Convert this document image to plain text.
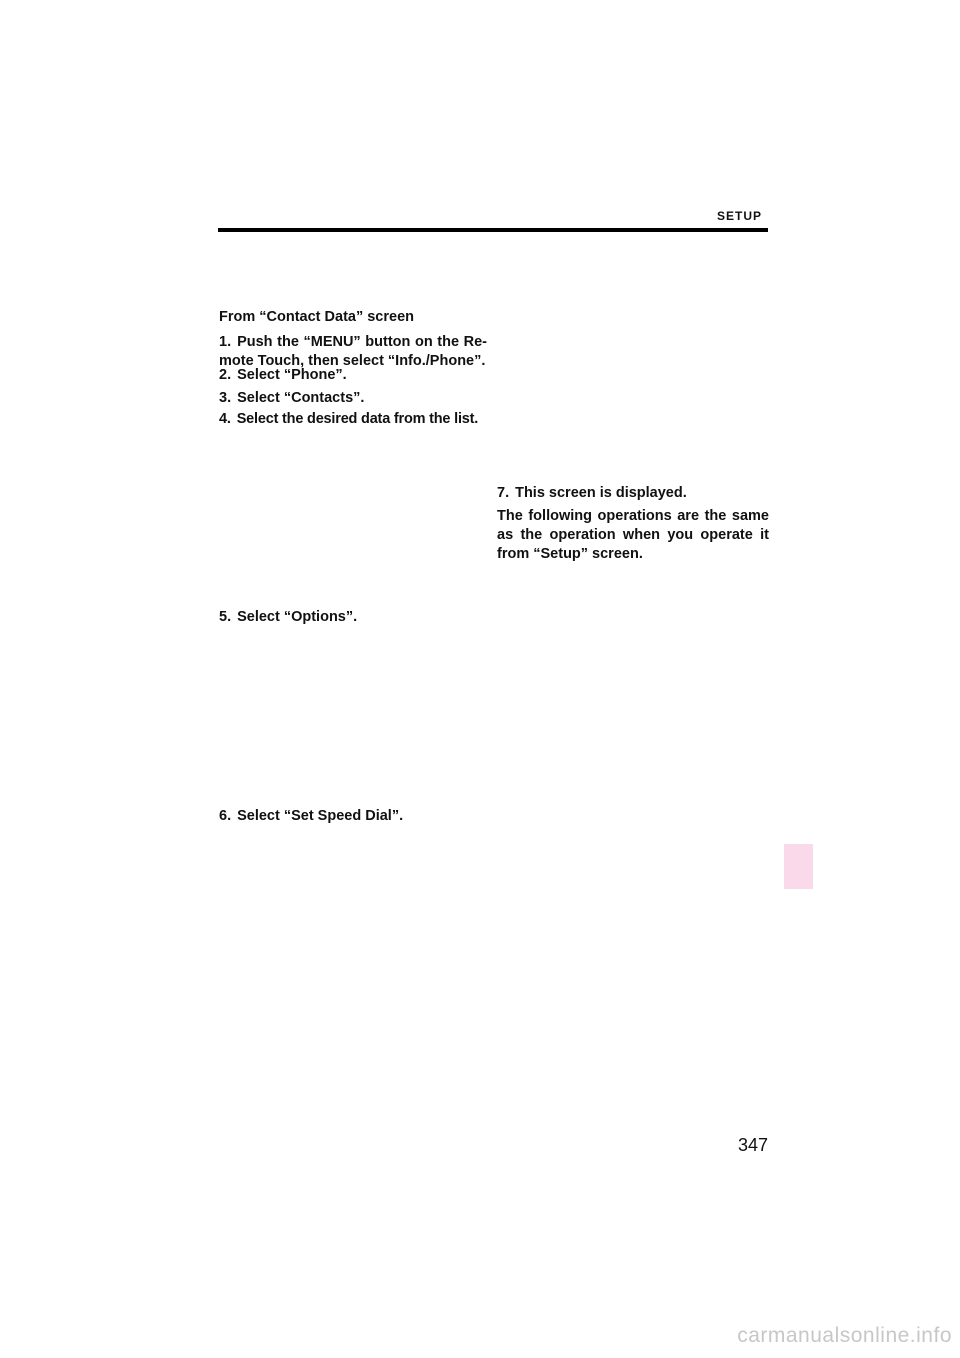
SETUP

From “Contact Data” screen

1. Push the “MENU” button on the Re- mote Touch, then select “Info./Phone”.

2. Select “Phone”.

3. Select “Contacts”.

4. Select the desired data from the list.

7. This screen is displayed.

The following operations are the same as the operation when you operate it from “Setup” screen.

5. Select “Options”.

6. Select “Set Speed Dial”.

347
carmanualsonline.info
